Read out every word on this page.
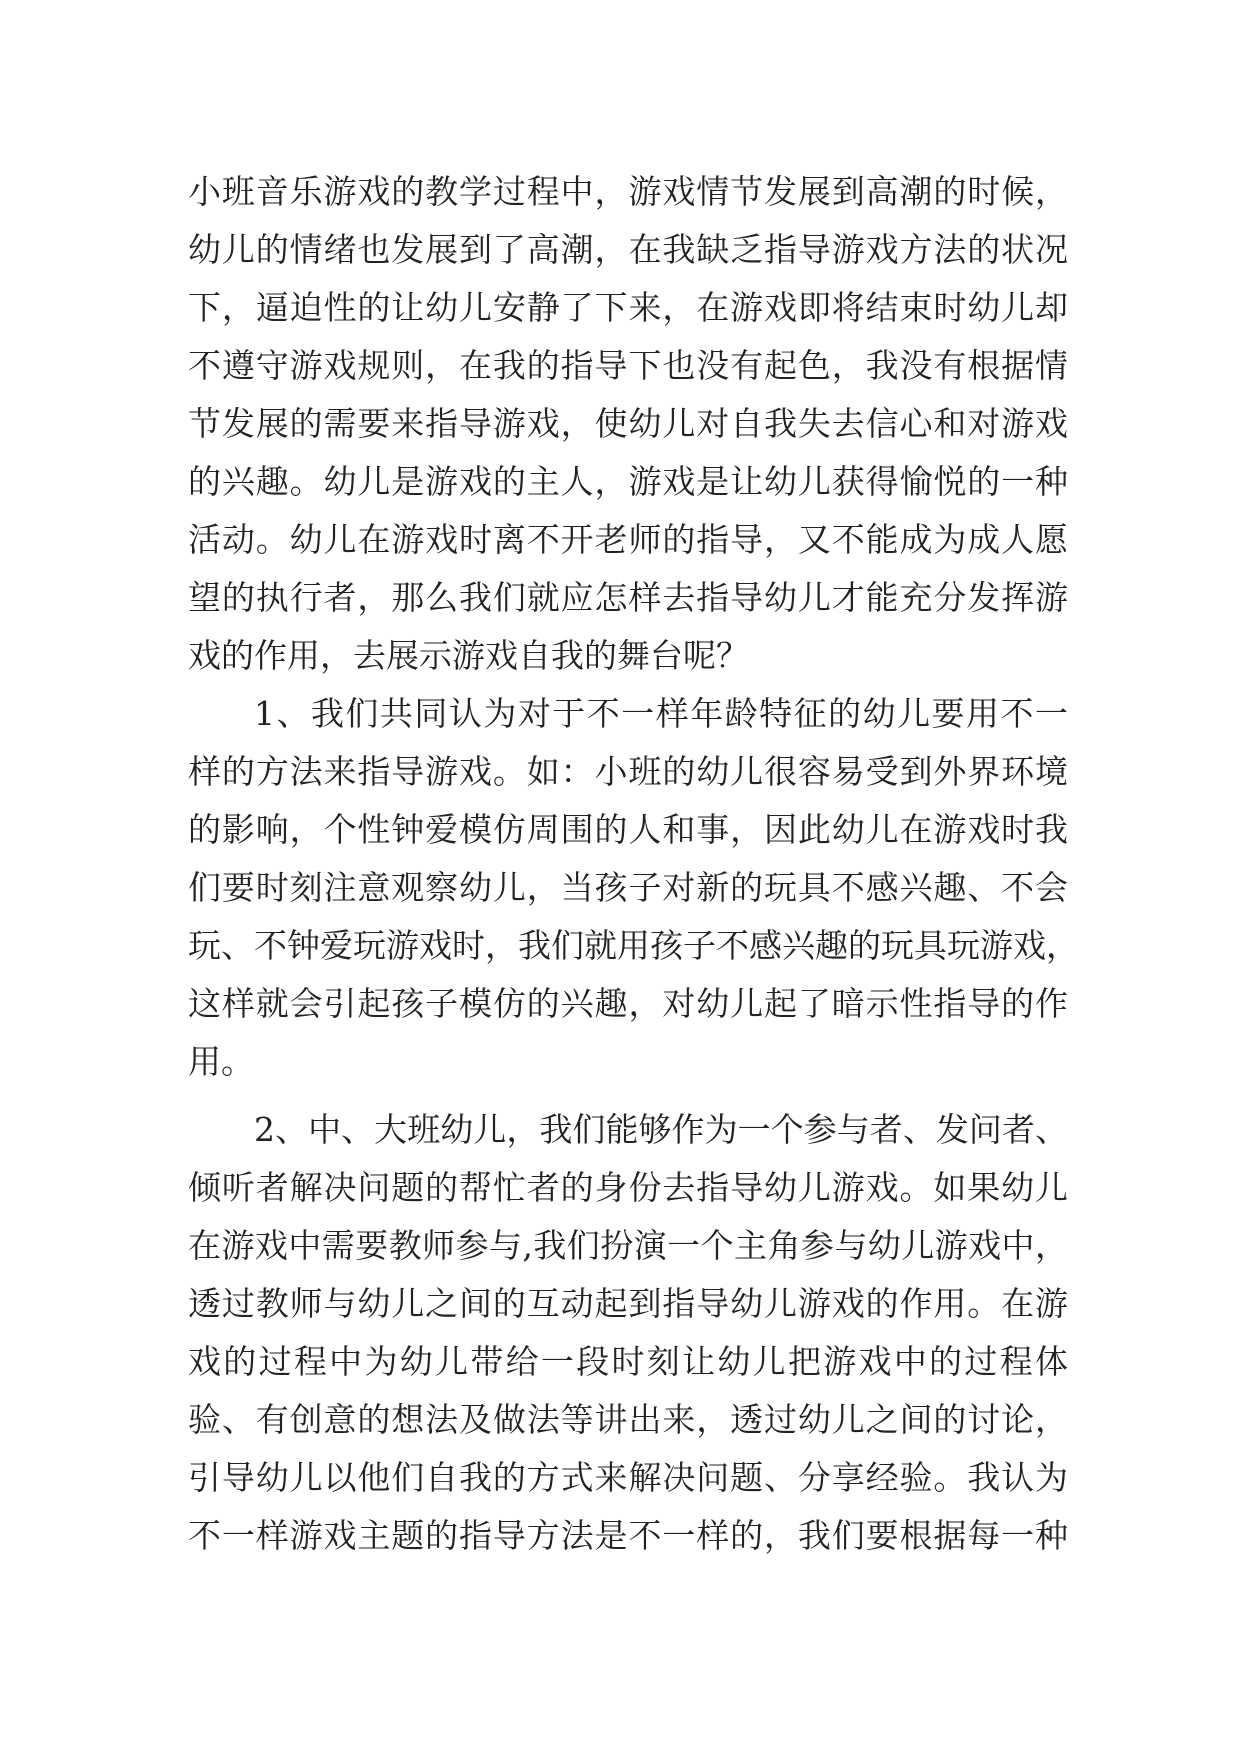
小班音乐游戏的教学过程中，游戏情节发展到高潮的时候，
幼儿的情绪也发展到了高潮，在我缺乏指导游戏方法的状况
下，逼迫性的让幼儿安静了下来，在游戏即将结束时幼儿却
不遵守游戏规则，在我的指导下也没有起色，我没有根据情
节发展的需要来指导游戏，使幼儿对自我失去信心和对游戏
的兴趣。幼儿是游戏的主人，游戏是让幼儿获得愉悦的一种
活动。幼儿在游戏时离不开老师的指导，又不能成为成人愿
望的执行者，那么我们就应怎样去指导幼儿才能充分发挥游
戏的作用，去展示游戏自我的舞台呢？
1、我们共同认为对于不一样年龄特征的幼儿要用不一
样的方法来指导游戏。如：小班的幼儿很容易受到外界环境
的影响，个性钟爱模仿周围的人和事，因此幼儿在游戏时我
们要时刻注意观察幼儿，当孩子对新的玩具不感兴趣、不会
玩、不钟爱玩游戏时，我们就用孩子不感兴趣的玩具玩游戏，
这样就会引起孩子模仿的兴趣，对幼儿起了暗示性指导的作
用。
2、中、大班幼儿，我们能够作为一个参与者、发问者、
倾听者解决问题的帮忙者的身份去指导幼儿游戏。如果幼儿
在游戏中需要教师参与,我们扮演一个主角参与幼儿游戏中，
透过教师与幼儿之间的互动起到指导幼儿游戏的作用。在游
戏的过程中为幼儿带给一段时刻让幼儿把游戏中的过程体
验、有创意的想法及做法等讲出来，透过幼儿之间的讨论，
引导幼儿以他们自我的方式来解决问题、分享经验。我认为
不一样游戏主题的指导方法是不一样的，我们要根据每一种
